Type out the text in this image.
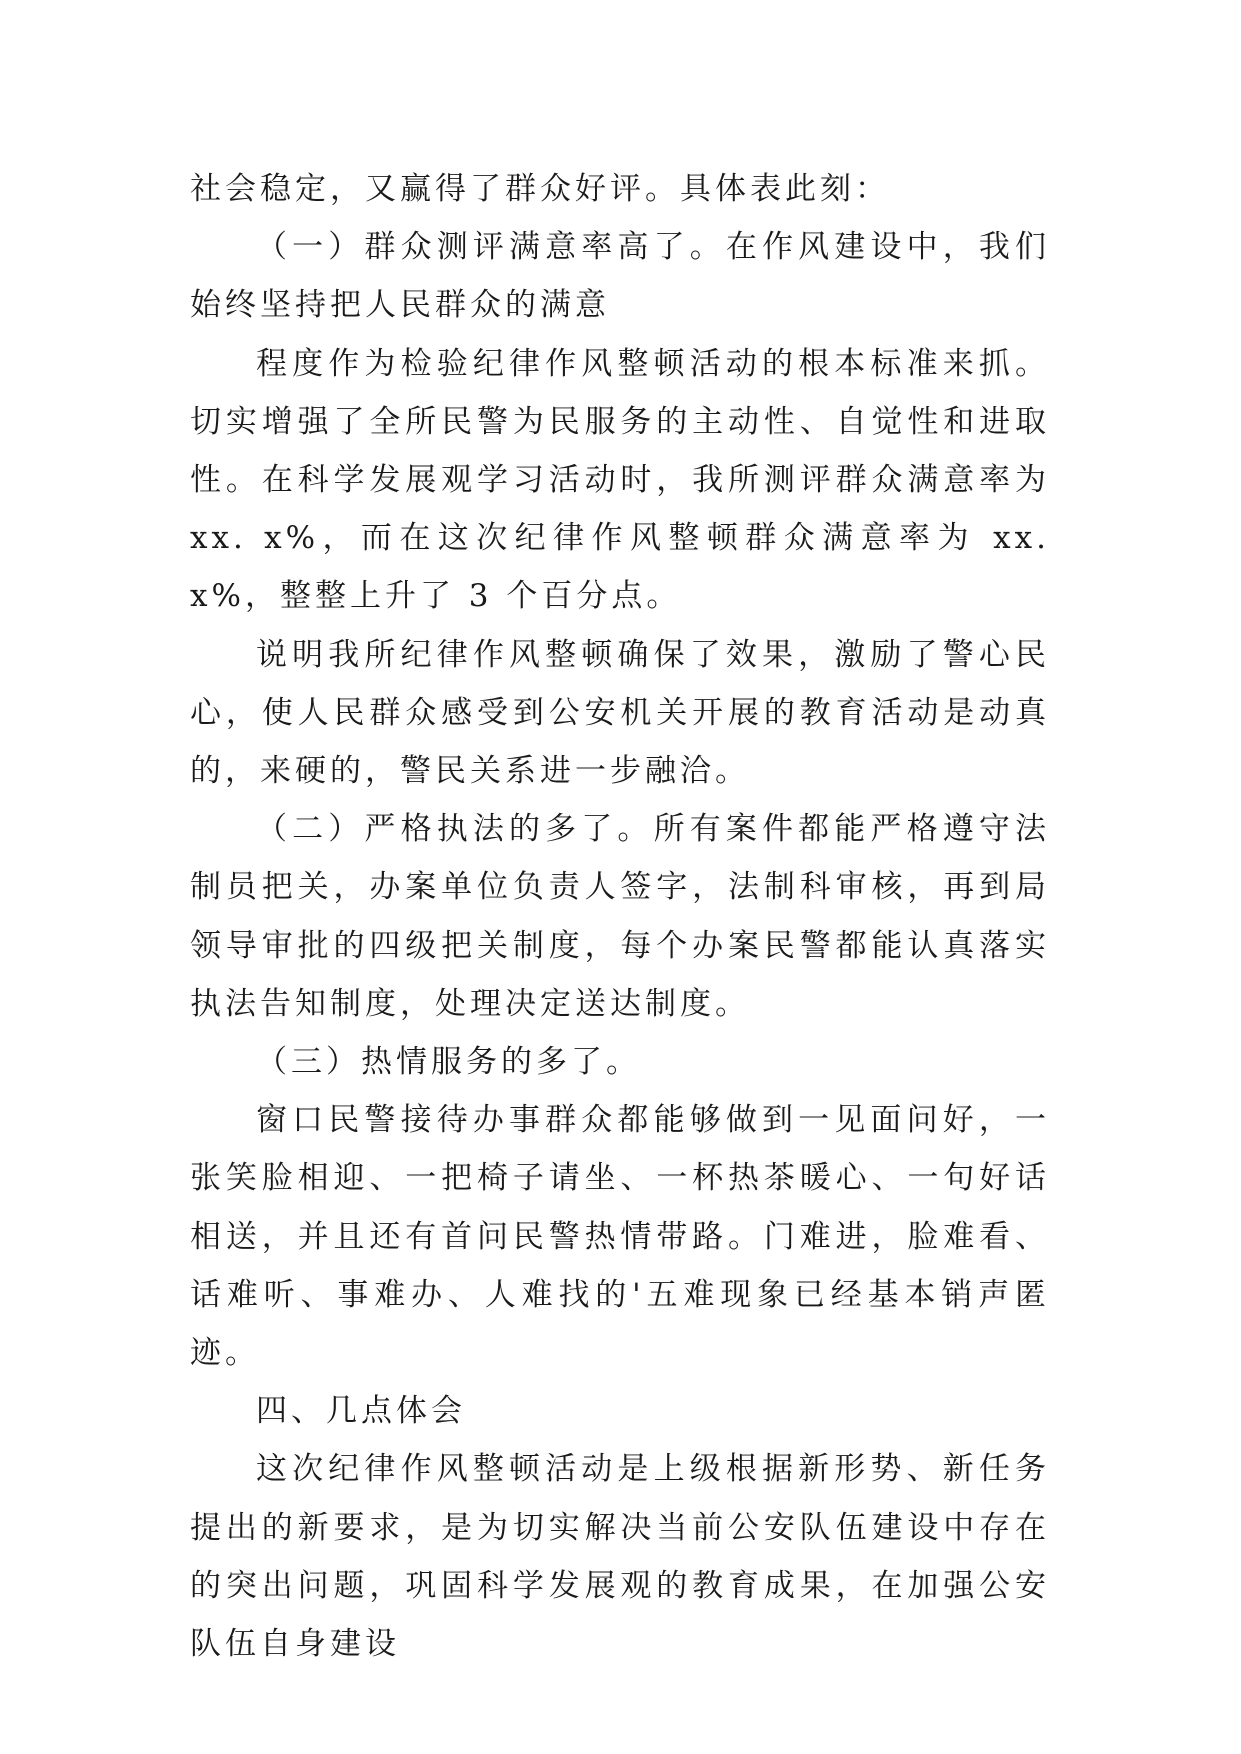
社会稳定，又赢得了群众好评。具体表此刻：

（一）群众测评满意率高了。在作风建设中，我们始终坚持把人民群众的满意

程度作为检验纪律作风整顿活动的根本标准来抓。切实增强了全所民警为民服务的主动性、自觉性和进取性。在科学发展观学习活动时，我所测评群众满意率为 xx. x%，而在这次纪律作风整顿群众满意率为 xx. x%，整整上升了 3 个百分点。

说明我所纪律作风整顿确保了效果，激励了警心民心，使人民群众感受到公安机关开展的教育活动是动真的，来硬的，警民关系进一步融洽。

（二）严格执法的多了。所有案件都能严格遵守法制员把关，办案单位负责人签字，法制科审核，再到局领导审批的四级把关制度，每个办案民警都能认真落实执法告知制度，处理决定送达制度。

（三）热情服务的多了。

窗口民警接待办事群众都能够做到一见面问好，一张笑脸相迎、一把椅子请坐、一杯热茶暖心、一句好话相送，并且还有首问民警热情带路。门难进，脸难看、话难听、事难办、人难找的'五难现象已经基本销声匿迹。

四、几点体会

这次纪律作风整顿活动是上级根据新形势、新任务提出的新要求，是为切实解决当前公安队伍建设中存在的突出问题，巩固科学发展观的教育成果，在加强公安队伍自身建设
